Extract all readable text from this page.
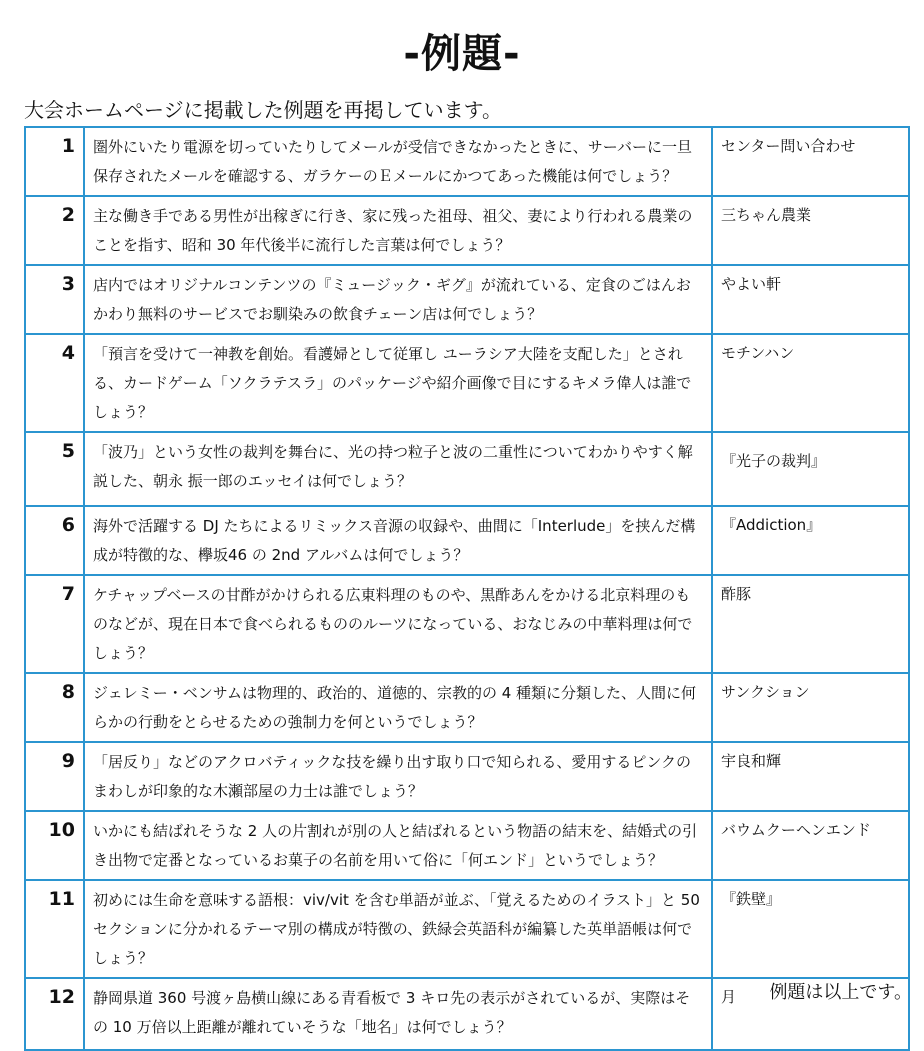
-例題-
大会ホームページに掲載した例題を再掲しています。
1	圏外にいたり電源を切っていたりしてメールが受信できなかったときに、サーバーに一旦保存されたメールを確認する、ガラケーのＥメールにかつてあった機能は何でしょう？	センター問い合わせ
2	主な働き手である男性が出稼ぎに行き、家に残った祖母、祖父、妻により行われる農業のことを指す、昭和 30 年代後半に流行した言葉は何でしょう？	三ちゃん農業
3	店内ではオリジナルコンテンツの『ミュージック・ギグ』が流れている、定食のごはんおかわり無料のサービスでお馴染みの飲食チェーン店は何でしょう？	やよい軒
4	「預言を受けて一神教を創始。看護婦として従軍し ユーラシア大陸を支配した」とされる、カードゲーム「ソクラテスラ」のパッケージや紹介画像で目にするキメラ偉人は誰でしょう？	モチンハン
5	「波乃」という女性の裁判を舞台に、光の持つ粒子と波の二重性についてわかりやすく解説した、朝永 振一郎のエッセイは何でしょう？	『光子の裁判』
6	海外で活躍する DJ たちによるリミックス音源の収録や、曲間に「Interlude」を挟んだ構成が特徴的な、欅坂46 の 2nd アルバムは何でしょう？	『Addiction』
7	ケチャップベースの甘酢がかけられる広東料理のものや、黒酢あんをかける北京料理のものなどが、現在日本で食べられるもののルーツになっている、おなじみの中華料理は何でしょう？	酢豚
8	ジェレミー・ベンサムは物理的、政治的、道徳的、宗教的の 4 種類に分類した、人間に何らかの行動をとらせるための強制力を何というでしょう？	サンクション
9	「居反り」などのアクロバティックな技を繰り出す取り口で知られる、愛用するピンクのまわしが印象的な木瀬部屋の力士は誰でしょう？	宇良和輝
10	いかにも結ばれそうな 2 人の片割れが別の人と結ばれるという物語の結末を、結婚式の引き出物で定番となっているお菓子の名前を用いて俗に「何エンド」というでしょう？	バウムクーヘンエンド
11	初めには生命を意味する語根：viv/vit を含む単語が並ぶ、「覚えるためのイラスト」と 50 セクションに分かれるテーマ別の構成が特徴の、鉄緑会英語科が編纂した英単語帳は何でしょう？	『鉄壁』
12	静岡県道 360 号渡ヶ島横山線にある青看板で 3 キロ先の表示がされているが、実際はその 10 万倍以上距離が離れていそうな「地名」は何でしょう？	月 例題は以上です。
